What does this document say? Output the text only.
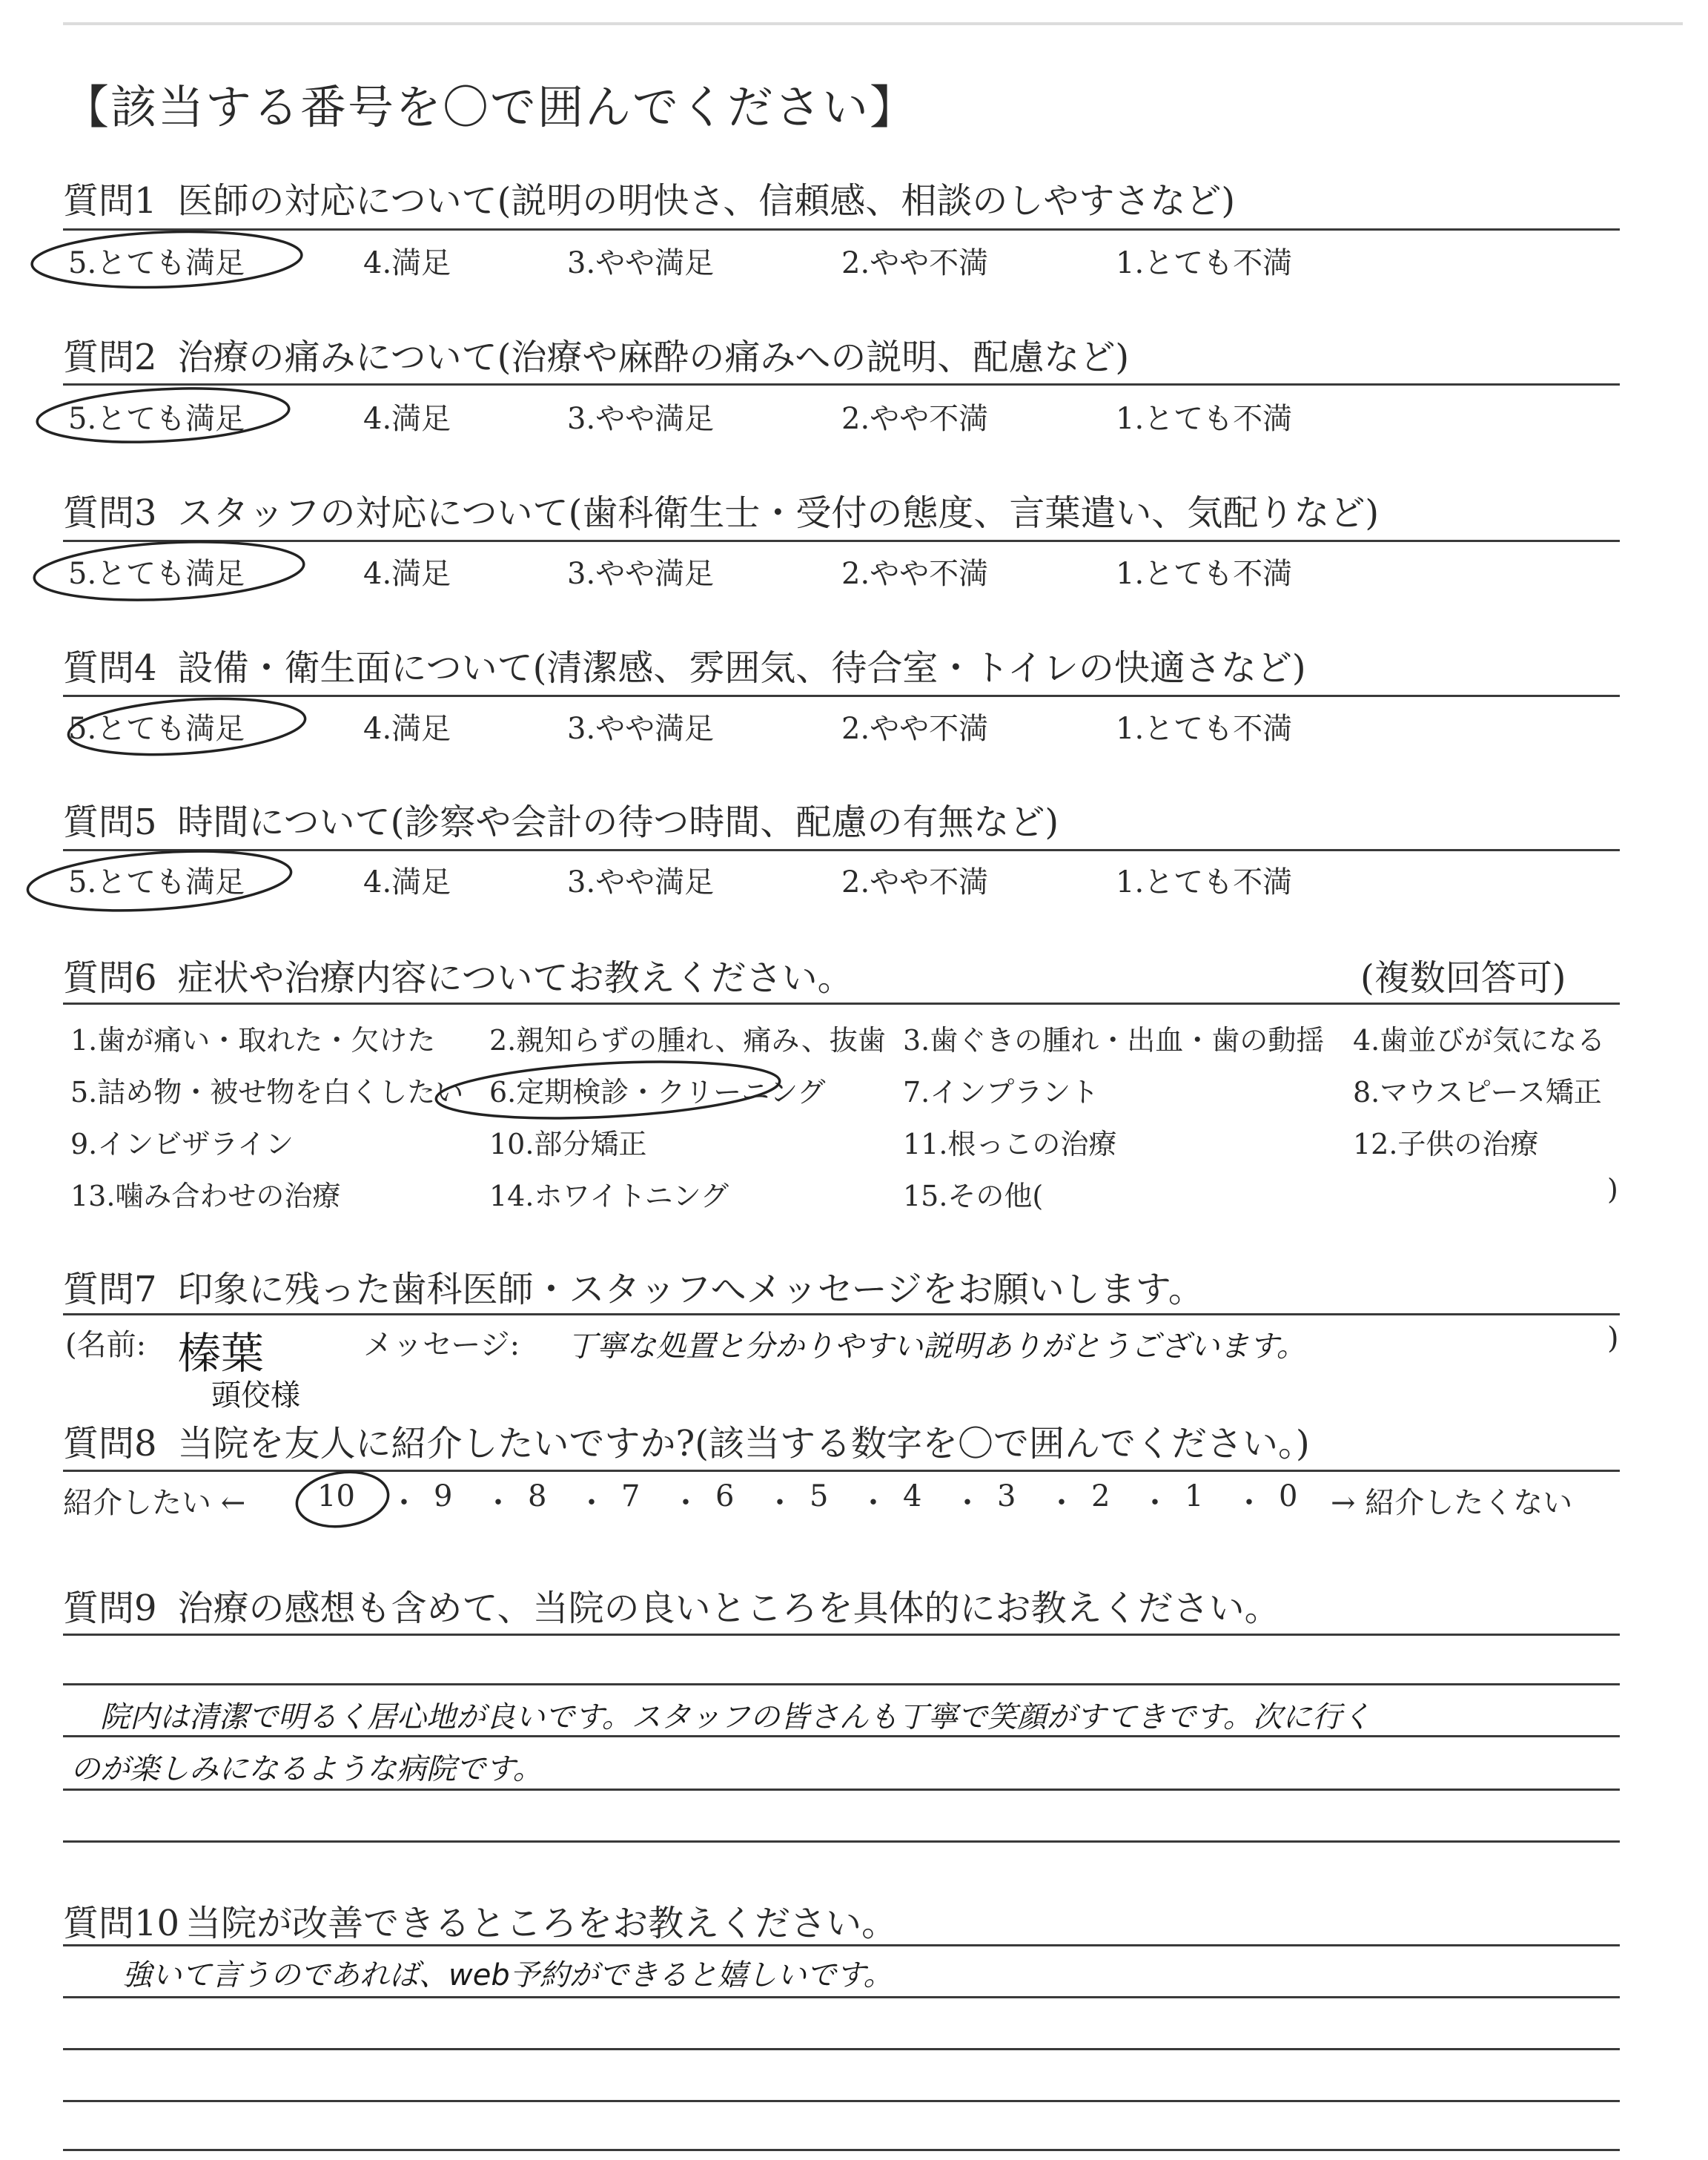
【該当する番号を〇で囲んでください】
質問1 医師の対応について(説明の明快さ、信頼感、相談のしやすさなど)
5.とても満足	4.満足	3.やや満足	2.やや不満	1.とても不満
質問2 治療の痛みについて(治療や麻酔の痛みへの説明、配慮など)
5.とても満足	4.満足	3.やや満足	2.やや不満	1.とても不満
質問3 スタッフの対応について(歯科衛生士・受付の態度、言葉遣い、気配りなど)
5.とても満足	4.満足	3.やや満足	2.やや不満	1.とても不満
質問4 設備・衛生面について(清潔感、雰囲気、待合室・トイレの快適さなど)
5.とても満足	4.満足	3.やや満足	2.やや不満	1.とても不満
質問5 時間について(診察や会計の待つ時間、配慮の有無など)
5.とても満足	4.満足	3.やや満足	2.やや不満	1.とても不満
質問6 症状や治療内容についてお教えください。	(複数回答可)
1.歯が痛い・取れた・欠けた 2.親知らずの腫れ、痛み、抜歯 3.歯ぐきの腫れ・出血・歯の動揺 4.歯並びが気になる
5.詰め物・被せ物を白くしたい 6.定期検診・クリーニング	7.インプラント	8.マウスピース矯正
9.インビザライン	10.部分矯正	11.根っこの治療	12.子供の治療
13.噛み合わせの治療	14.ホワイトニング	15.その他(	)
質問7 印象に残った歯科医師・スタッフへメッセージをお願いします。
(名前: 榛葉
頭佼様
メッセージ: 丁寧な処置と分かりやすい説明ありがとうございます。	)
質問8 当院を友人に紹介したいですか?(該当する数字を〇で囲んでください。)
紹介したい ← 10	9	8	7	6	5	4	3	2	1	0 → 紹介したくない
・ ・ ・ ・ ・ ・ ・ ・ ・ ・
質問9 治療の感想も含めて、当院の良いところを具体的にお教えください。
院内は清潔で明るく居心地が良いです。スタッフの皆さんも丁寧で笑顔がすてきです。次に行く
のが楽しみになるような病院です。
質問10 当院が改善できるところをお教えください。
強いて言うのであれば、web予約ができると嬉しいです。
